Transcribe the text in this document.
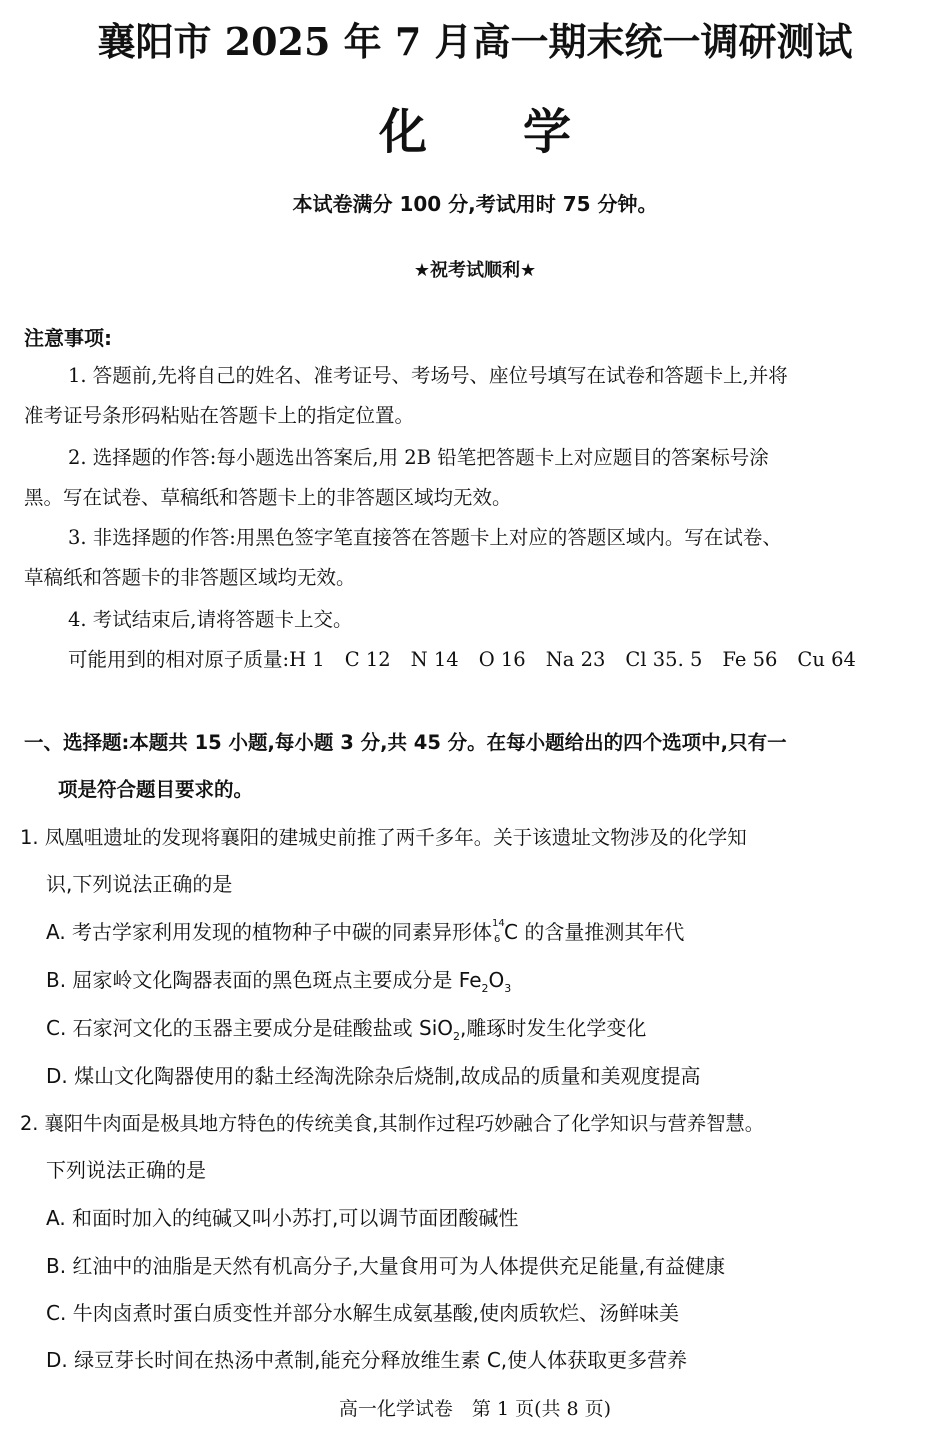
襄阳市 2025 年 7 月高一期末统一调研测试
化 学
本试卷满分 100 分,考试用时 75 分钟。
★祝考试顺利★
注意事项:
1. 答题前,先将自己的姓名、准考证号、考场号、座位号填写在试卷和答题卡上,并将
准考证号条形码粘贴在答题卡上的指定位置。
2. 选择题的作答:每小题选出答案后,用 2B 铅笔把答题卡上对应题目的答案标号涂
黑。写在试卷、草稿纸和答题卡上的非答题区域均无效。
3. 非选择题的作答:用黑色签字笔直接答在答题卡上对应的答题区域内。写在试卷、
草稿纸和答题卡的非答题区域均无效。
4. 考试结束后,请将答题卡上交。
可能用到的相对原子质量:H 1 C 12 N 14 O 16 Na 23 Cl 35. 5 Fe 56 Cu 64
一、选择题:本题共 15 小题,每小题 3 分,共 45 分。在每小题给出的四个选项中,只有一
项是符合题目要求的。
1. 凤凰咀遗址的发现将襄阳的建城史前推了两千多年。关于该遗址文物涉及的化学知
识,下列说法正确的是
A. 考古学家利用发现的植物种子中碳的同素异形体 14
6 C 的含量推测其年代
B. 屈家岭文化陶器表面的黑色斑点主要成分是 $Fe_2O_3$
C. 石家河文化的玉器主要成分是硅酸盐或 SiO$_2$,雕琢时发生化学变化
D. 煤山文化陶器使用的黏土经淘洗除杂后烧制,故成品的质量和美观度提高
2. 襄阳牛肉面是极具地方特色的传统美食,其制作过程巧妙融合了化学知识与营养智慧。
下列说法正确的是
A. 和面时加入的纯碱又叫小苏打,可以调节面团酸碱性
B. 红油中的油脂是天然有机高分子,大量食用可为人体提供充足能量,有益健康
C. 牛肉卤煮时蛋白质变性并部分水解生成氨基酸,使肉质软烂、汤鲜味美
D. 绿豆芽长时间在热汤中煮制,能充分释放维生素 C,使人体获取更多营养
高一化学试卷　第 1 页(共 8 页)
